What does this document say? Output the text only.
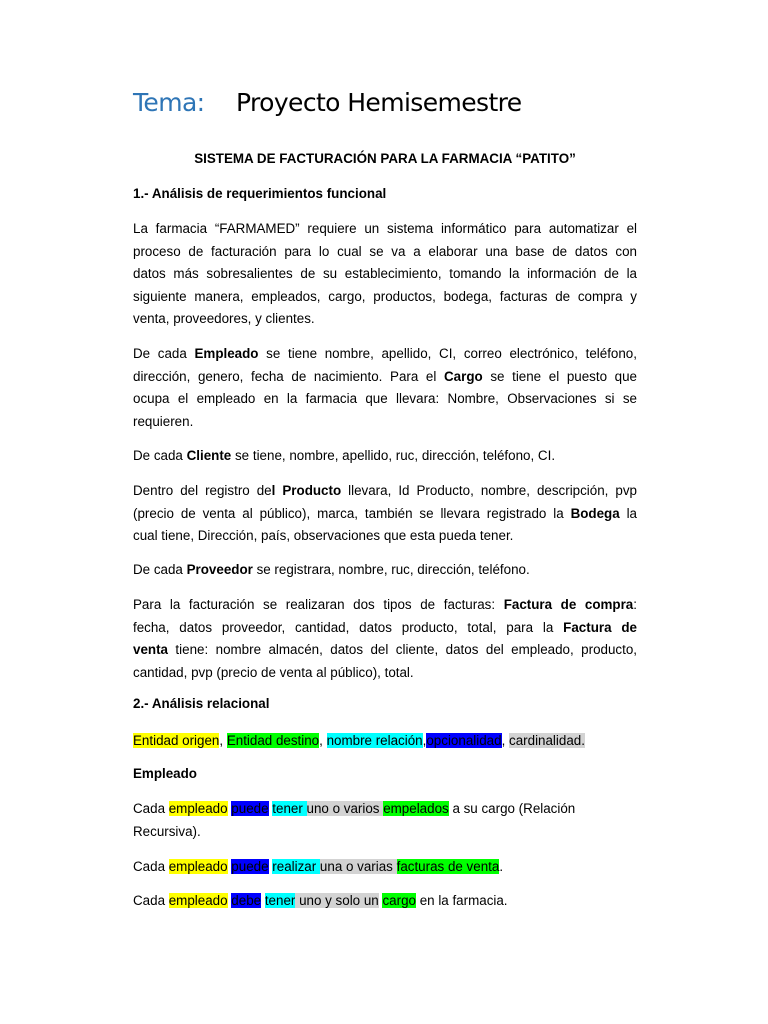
Tema: Proyecto Hemisemestre
SISTEMA DE FACTURACIÓN PARA LA FARMACIA “PATITO”
1.- Análisis de requerimientos funcional
La farmacia “FARMAMED” requiere un sistema informático para automatizar el
proceso de facturación para lo cual se va a elaborar una base de datos con
datos más sobresalientes de su establecimiento, tomando la información de la
siguiente manera, empleados, cargo, productos, bodega, facturas de compra y
venta, proveedores, y clientes.
De cada Empleado se tiene nombre, apellido, CI, correo electrónico, teléfono,
dirección, genero, fecha de nacimiento. Para el Cargo se tiene el puesto que
ocupa el empleado en la farmacia que llevara: Nombre, Observaciones si se
requieren.
De cada Cliente se tiene, nombre, apellido, ruc, dirección, teléfono, CI.
Dentro del registro del Producto llevara, Id Producto, nombre, descripción, pvp
(precio de venta al público), marca, también se llevara registrado la Bodega la
cual tiene, Dirección, país, observaciones que esta pueda tener.
De cada Proveedor se registrara, nombre, ruc, dirección, teléfono.
Para la facturación se realizaran dos tipos de facturas: Factura de compra:
fecha, datos proveedor, cantidad, datos producto, total, para la Factura de
venta tiene: nombre almacén, datos del cliente, datos del empleado, producto,
cantidad, pvp (precio de venta al público), total.
2.- Análisis relacional
Entidad origen, Entidad destino, nombre relación,opcionalidad, cardinalidad.
Empleado
Cada empleado puede tener uno o varios empelados a su cargo (Relación
Recursiva).
Cada empleado puede realizar una o varias facturas de venta.
Cada empleado debe tener uno y solo un cargo en la farmacia.
